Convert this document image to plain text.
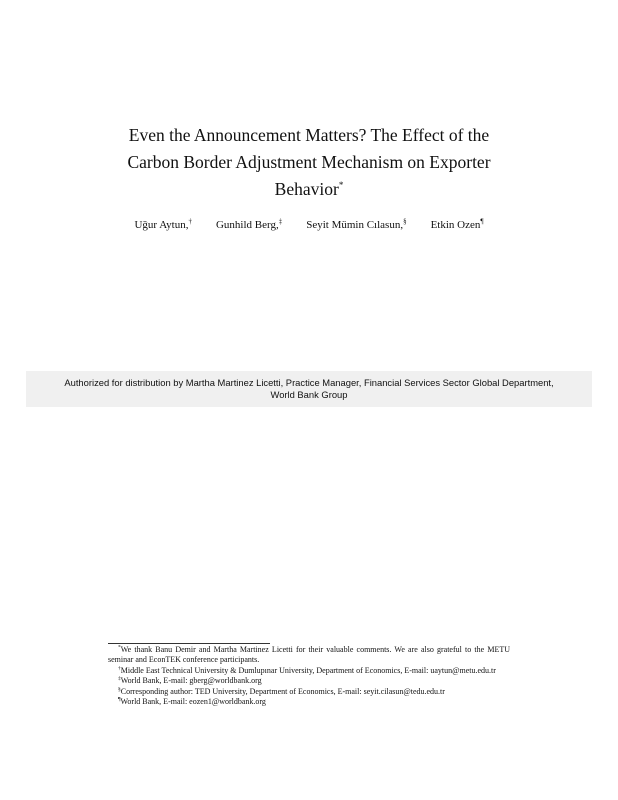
Even the Announcement Matters? The Effect of the
Carbon Border Adjustment Mechanism on Exporter
Behavior*
Uğur Aytun,† Gunhild Berg,‡ Seyit Mümin Cılasun,§ Etkin Ozen¶
Authorized for distribution by Martha Martinez Licetti, Practice Manager, Financial Services Sector Global Department,
World Bank Group

*We thank Banu Demir and Martha Martinez Licetti for their valuable comments. We are also grateful to the METU seminar and EconTEK conference participants.

†Middle East Technical University & Dumlupınar University, Department of Economics, E-mail: uaytun@metu.edu.tr

‡World Bank, E-mail: gberg@worldbank.org

§Corresponding author: TED University, Department of Economics, E-mail: seyit.cilasun@tedu.edu.tr

¶World Bank, E-mail: eozen1@worldbank.org
